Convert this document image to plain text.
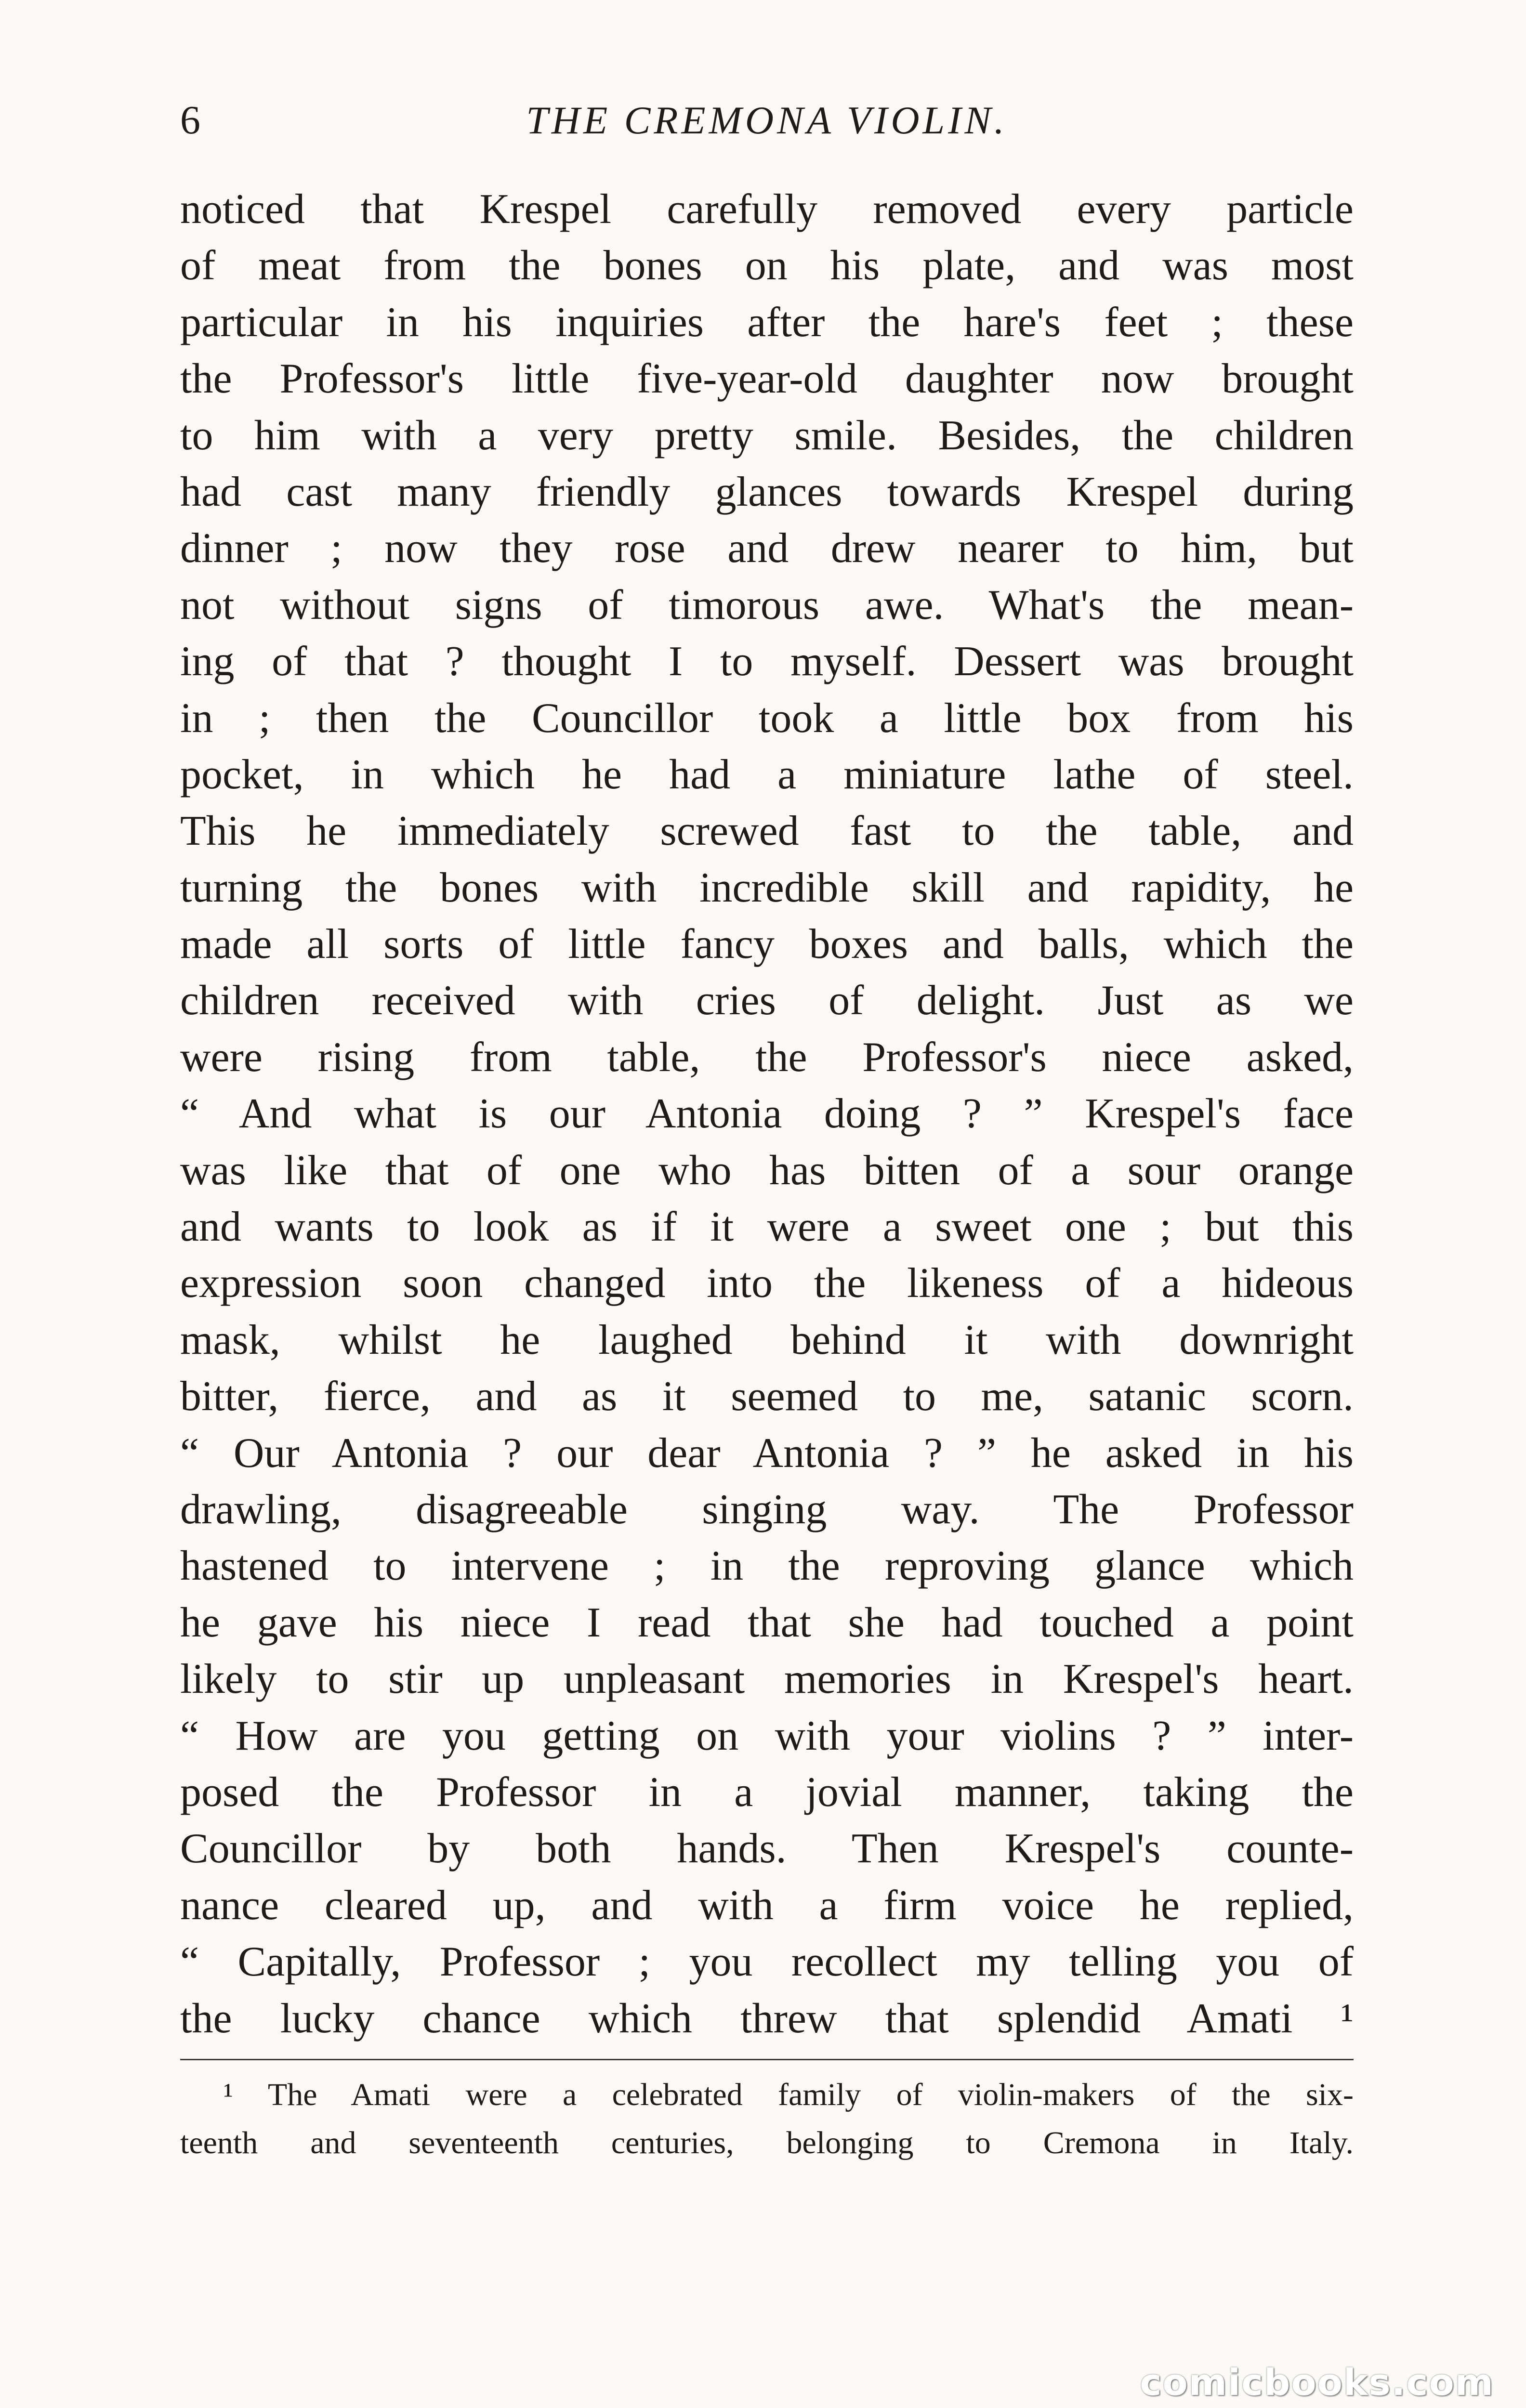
6	THE CREMONA VIOLIN.
noticed that Krespel carefully removed every particle
of meat from the bones on his plate, and was most
particular in his inquiries after the hare's feet ; these
the Professor's little five-year-old daughter now brought
to him with a very pretty smile. Besides, the children
had cast many friendly glances towards Krespel during
dinner ; now they rose and drew nearer to him, but
not without signs of timorous awe. What's the mean-
ing of that ? thought I to myself. Dessert was brought
in ; then the Councillor took a little box from his
pocket, in which he had a miniature lathe of steel.
This he immediately screwed fast to the table, and
turning the bones with incredible skill and rapidity, he
made all sorts of little fancy boxes and balls, which the
children received with cries of delight. Just as we
were rising from table, the Professor's niece asked,
“ And what is our Antonia doing ? ” Krespel's face
was like that of one who has bitten of a sour orange
and wants to look as if it were a sweet one ; but this
expression soon changed into the likeness of a hideous
mask, whilst he laughed behind it with downright
bitter, fierce, and as it seemed to me, satanic scorn.
“ Our Antonia ? our dear Antonia ? ” he asked in his
drawling, disagreeable singing way. The Professor
hastened to intervene ; in the reproving glance which
he gave his niece I read that she had touched a point
likely to stir up unpleasant memories in Krespel's heart.
“ How are you getting on with your violins ? ” inter-
posed the Professor in a jovial manner, taking the
Councillor by both hands. Then Krespel's counte-
nance cleared up, and with a firm voice he replied,
“ Capitally, Professor ; you recollect my telling you of
the lucky chance which threw that splendid Amati ¹
¹ The Amati were a celebrated family of violin-makers of the six-
teenth and seventeenth centuries, belonging to Cremona in Italy.
comicbooks.com
